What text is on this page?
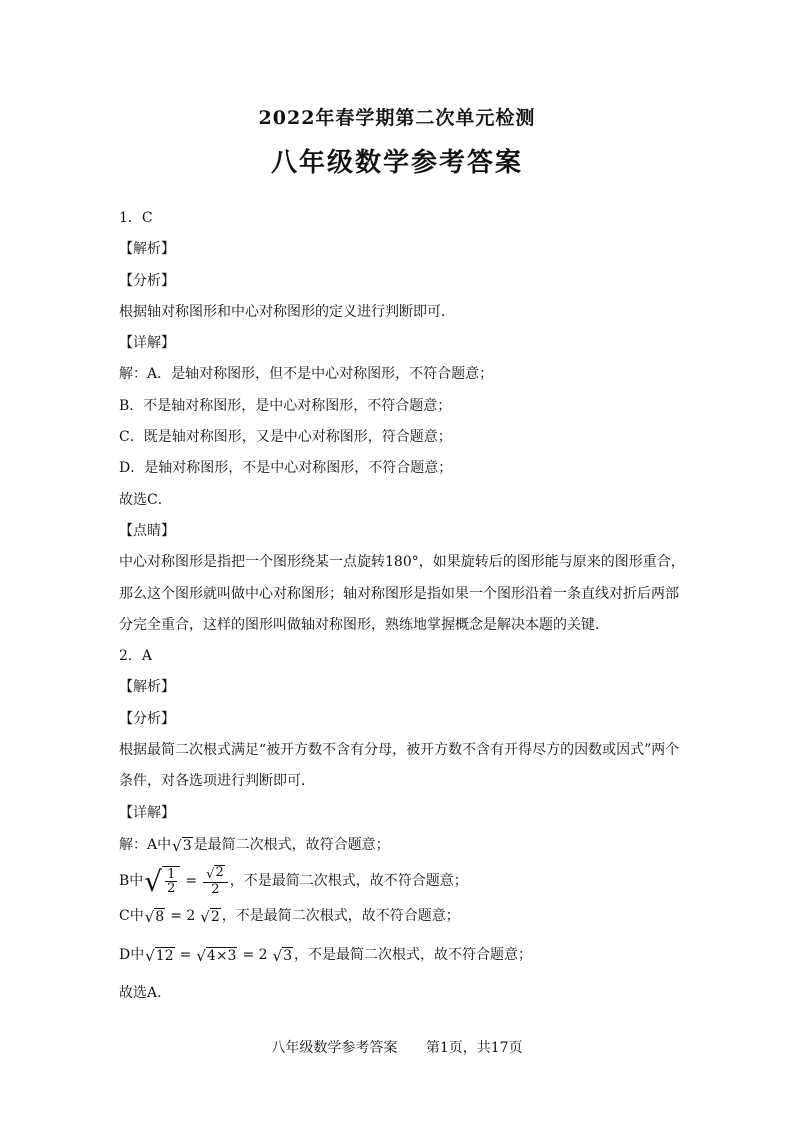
2022年春学期第二次单元检测
八年级数学参考答案
1．C
【解析】
【分析】
根据轴对称图形和中心对称图形的定义进行判断即可．
【详解】
解：A．是轴对称图形，但不是中心对称图形，不符合题意；
B．不是轴对称图形，是中心对称图形，不符合题意；
C．既是轴对称图形，又是中心对称图形，符合题意；
D．是轴对称图形，不是中心对称图形，不符合题意；
故选C．
【点睛】
中心对称图形是指把一个图形绕某一点旋转180°，如果旋转后的图形能与原来的图形重合，
那么这个图形就叫做中心对称图形；轴对称图形是指如果一个图形沿着一条直线对折后两部
分完全重合，这样的图形叫做轴对称图形，熟练地掌握概念是解决本题的关键．
2．A
【解析】
【分析】
根据最简二次根式满足“被开方数不含有分母，被开方数不含有开得尽方的因数或因式”两个
条件，对各选项进行判断即可．
【详解】
解：A中 √ 3 是最简二次根式，故符合题意；
B中 √ $\frac{1}{2} = \frac{√ 2}{2}$ ，不是最简二次根式，故不符合题意；
C中 √ 8 = 2 √ 2 ，不是最简二次根式，故不符合题意；
D中 √ 12 = √ 4×3 = 2 √ 3 ，不是最简二次根式，故不符合题意；
故选A．
八年级数学参考答案 第1页，共17页
